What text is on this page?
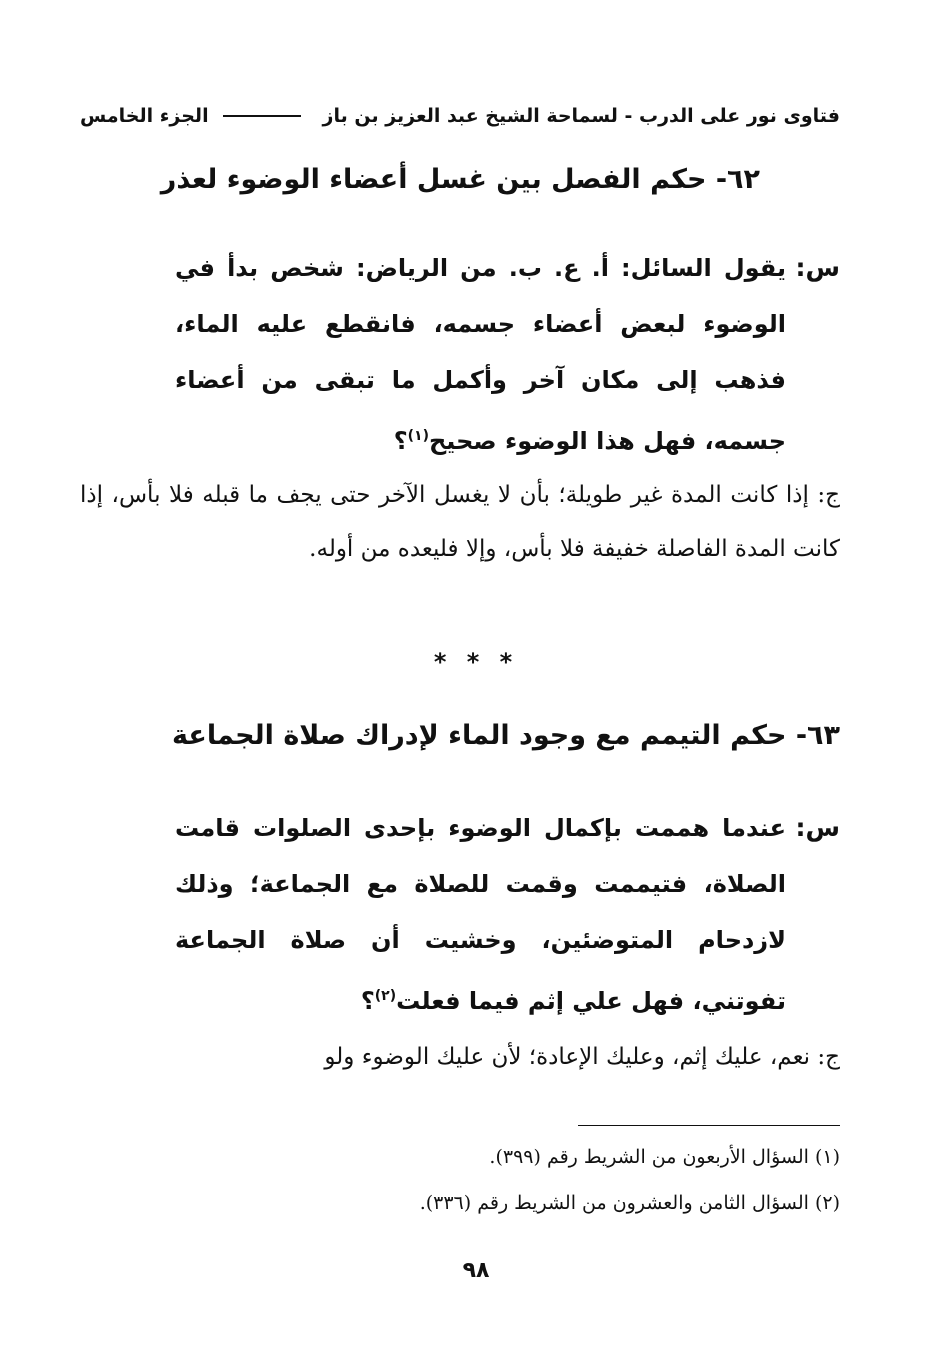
فتاوى نور على الدرب - لسماحة الشيخ عبد العزيز بن باز
الجزء الخامس
٦٢- حكم الفصل بين غسل أعضاء الوضوء لعذر
س:
يقول السائل: أ. ع. ب. من الرياض: شخص بدأ في الوضوء لبعض أعضاء جسمه، فانقطع عليه الماء، فذهب إلى مكان آخر وأكمل ما تبقى من أعضاء جسمه، فهل هذا الوضوء صحيح$^{(١)}$؟
ج: إذا كانت المدة غير طويلة؛ بأن لا يغسل الآخر حتى يجف ما قبله فلا بأس، إذا كانت المدة الفاصلة خفيفة فلا بأس، وإلا فليعده من أوله.
* * *
٦٣- حكم التيمم مع وجود الماء لإدراك صلاة الجماعة
س:
عندما هممت بإكمال الوضوء بإحدى الصلوات قامت الصلاة، فتيممت وقمت للصلاة مع الجماعة؛ وذلك لازدحام المتوضئين، وخشيت أن صلاة الجماعة تفوتني، فهل علي إثم فيما فعلت$^{(٢)}$؟
ج: نعم، عليك إثم، وعليك الإعادة؛ لأن عليك الوضوء ولو
(١) السؤال الأربعون من الشريط رقم (٣٩٩).
(٢) السؤال الثامن والعشرون من الشريط رقم (٣٣٦).
٩٨
